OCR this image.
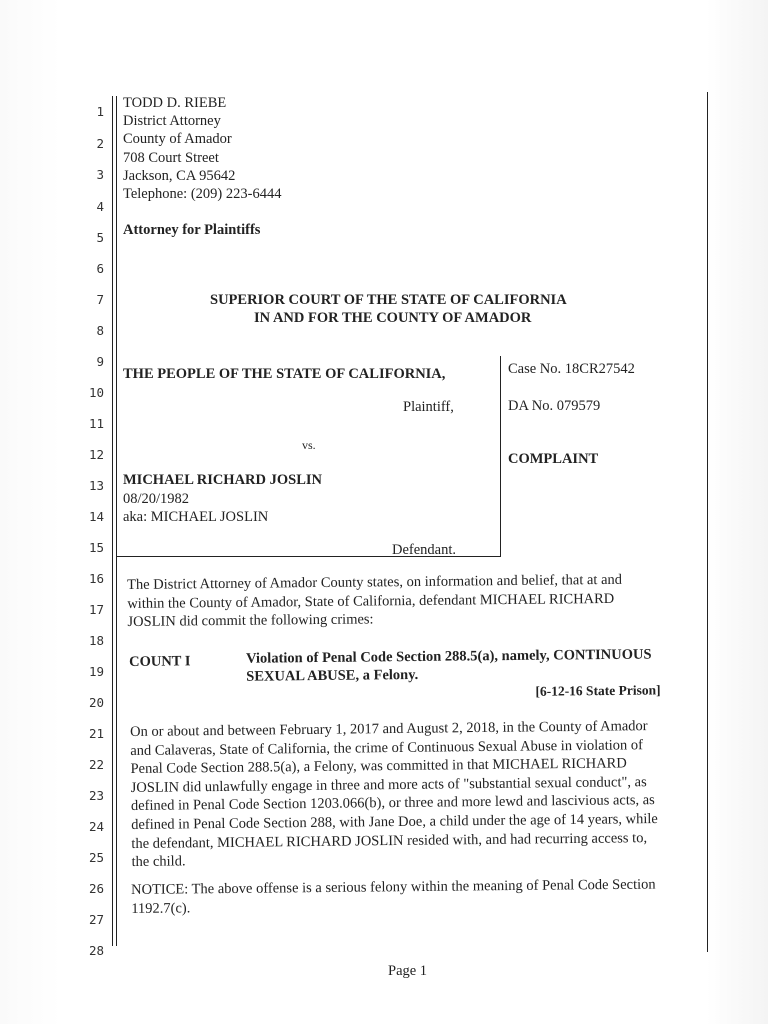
1
2
3
4
5
6
7
8
9
10
11
12
13
14
15
16
17
18
19
20
21
22
23
24
25
26
27
28
TODD D. RIEBE
District Attorney
County of Amador
708 Court Street
Jackson, CA 95642
Telephone: (209) 223-6444
Attorney for Plaintiffs
SUPERIOR COURT OF THE STATE OF CALIFORNIA
IN AND FOR THE COUNTY OF AMADOR
THE PEOPLE OF THE STATE OF CALIFORNIA,
Plaintiff,
vs.
MICHAEL RICHARD JOSLIN
08/20/1982
aka: MICHAEL JOSLIN
Defendant.
Case No. 18CR27542
DA No. 079579
COMPLAINT
The District Attorney of Amador County states, on information and belief, that at and
within the County of Amador, State of California, defendant MICHAEL RICHARD
JOSLIN did commit the following crimes:
COUNT I	Violation of Penal Code Section 288.5(a), namely, CONTINUOUS
SEXUAL ABUSE, a Felony.
[6-12-16 State Prison]
On or about and between February 1, 2017 and August 2, 2018, in the County of Amador
and Calaveras, State of California, the crime of Continuous Sexual Abuse in violation of
Penal Code Section 288.5(a), a Felony, was committed in that MICHAEL RICHARD
JOSLIN did unlawfully engage in three and more acts of "substantial sexual conduct", as
defined in Penal Code Section 1203.066(b), or three and more lewd and lascivious acts, as
defined in Penal Code Section 288, with Jane Doe, a child under the age of 14 years, while
the defendant, MICHAEL RICHARD JOSLIN resided with, and had recurring access to,
the child.
NOTICE: The above offense is a serious felony within the meaning of Penal Code Section
1192.7(c).
Page 1
